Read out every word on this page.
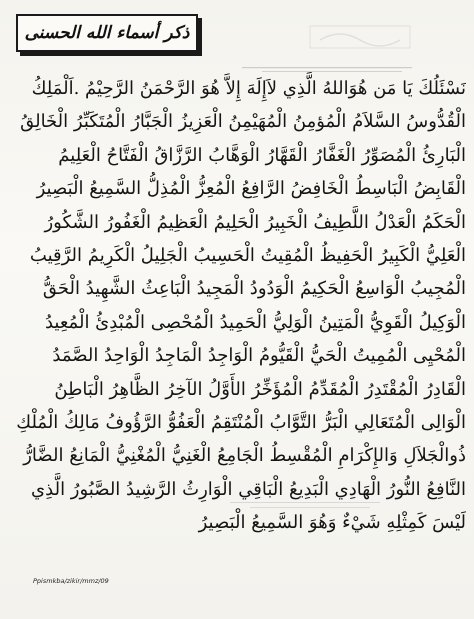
ذكر أسماء الله الحسنى
نَسْئَلُكَ يَا مَن هُوَاللهُ الَّذِي لاَإِلَهَ إِلاَّ هُوَ الرَّحْمَنُ الرَّحِيْمُ .اَلْمَلِكُ
الْقُدُّوسُ السَّلاَمُ الْمُؤمِنُ الْمُهَيْمِنُ الْعَزِيزُ الْجَبَّارُ الْمُتَكَبِّرُ الْخَالِقُ
الْبَارِئُ الْمُصَوِّرُ الْغَفَّارُ الْقَهَّارُ الْوَهَّابُ الرَّزَّاقُ الْفَتَّاحُ الْعَلِيمُ
الْقَابِضُ الْبَاسِطُ الْخَافِضُ الرَّافِعُ الْمُعِزُّ الْمُذِلُّ السَّمِيعُ الْبَصِيرُ
الْحَكَمُ الْعَدْلُ اللَّطِيفُ الْخَبِيرُ الْحَلِيمُ الْعَظِيمُ الْغَفُورُ الشَّكُورُ
الْعَلِيُّ الْكَبِيرُ الْحَفِيظُ الْمُقِيتُ الْحَسِيبُ الْجَلِيلُ الْكَرِيمُ الرَّقِيبُ
الْمُجِيبُ الْوَاسِعُ الْحَكِيمُ الْوَدُودُ الْمَجِيدُ الْبَاعِثُ الشَّهِيدُ الْحَقُّ
الْوَكِيلُ الْقَوِيُّ الْمَتِينُ الْوَلِيُّ الْحَمِيدُ الْمُحْصِى الْمُبْدِئُ الْمُعِيدُ
الْمُحْيِى الْمُمِيتُ الْحَيُّ الْقَيُّومُ الْوَاجِدُ الْمَاجِدُ الْوَاحِدُ الصَّمَدُ
الْقَادِرُ الْمُقْتَدِرُ الْمُقَدِّمُ الْمُؤَخِّرُ الأَوَّلُ الآخِرُ الظَّاهِرُ الْبَاطِنُ
الْوَالِى الْمُتَعَالِي الْبَرُّ التَّوَّابُ الْمُنْتَقِمُ الْعَفُوُّ الرَّؤُوفُ مَالِكُ الْمُلْكِ
ذُوالْجَلاَلِ وَالإِكْرَامِ الْمُقْسِطُ الْجَامِعُ الْغَنِيُّ الْمُغْنِيُّ الْمَانِعُ الضَّارُّ
النَّافِعُ النُّورُ الْهَادِي الْبَدِيعُ الْبَاقِي الْوَارِثُ الرَّشِيدُ الصَّبُورُ الَّذِي
لَيْسَ كَمِثْلِهِ شَيْءٌ وَهُوَ السَّمِيعُ الْبَصِيرُ
Ppismkba/zikir/mmz/09
